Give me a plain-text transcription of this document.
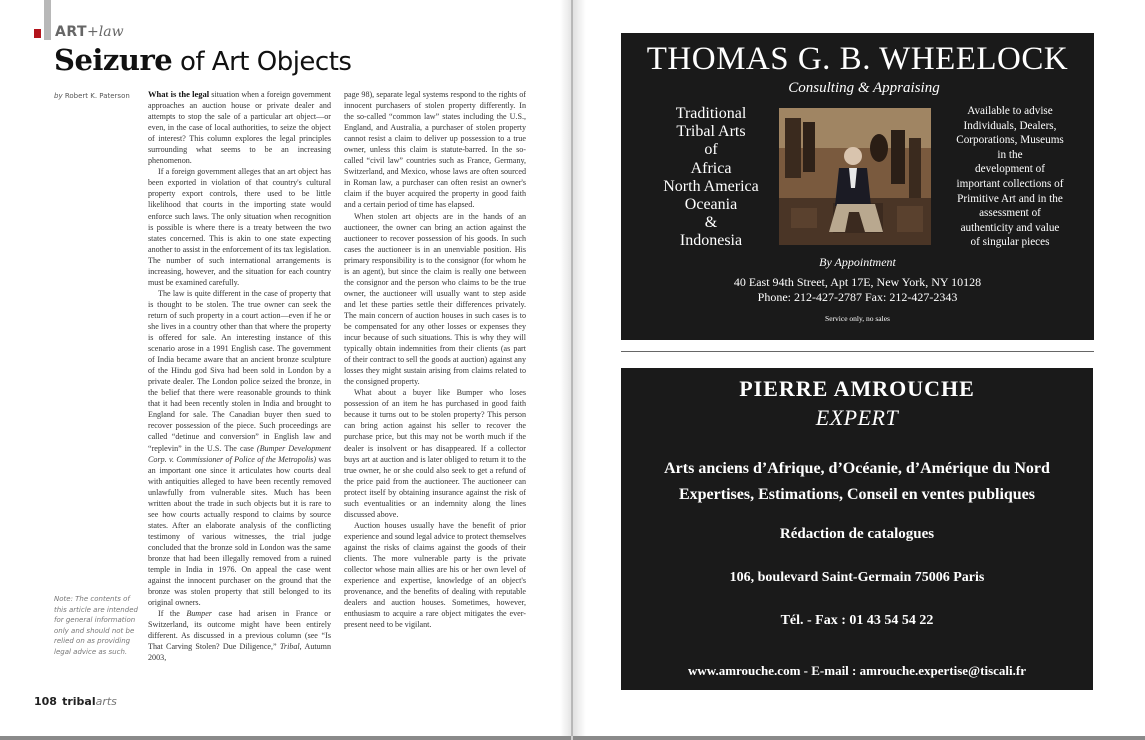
ART+law
Seizure of Art Objects
by Robert K. Paterson What is the legal situation when a foreign government approaches an auction house or private dealer and attempts to stop the sale of a particular art object—or even, in the case of local authorities, to seize the object of interest? This column explores the legal principles surrounding what seems to be an increasing phenomenon.

If a foreign government alleges that an art object has been exported in violation of that country's cultural property export controls, there used to be little likelihood that courts in the importing state would enforce such laws. The only situation when recognition is possible is where there is a treaty between the two states concerned. This is akin to one state expecting another to assist in the enforcement of its tax legislation. The number of such international arrangements is increasing, however, and the situation for each country must be examined carefully.

The law is quite different in the case of property that is thought to be stolen. The true owner can seek the return of such property in a court action—even if he or she lives in a country other than that where the property is offered for sale. An interesting instance of this scenario arose in a 1991 English case. The government of India became aware that an ancient bronze sculpture of the Hindu god Siva had been sold in London by a private dealer. The London police seized the bronze, in the belief that there were reasonable grounds to think that it had been recently stolen in India and brought to England for sale. The Canadian buyer then sued to recover possession of the piece. Such proceedings are called “detinue and conversion” in English law and “replevin” in the U.S. The case (Bumper Development Corp. v. Commissioner of Police of the Metropolis) was an important one since it articulates how courts deal with antiquities alleged to have been recently removed unlawfully from vulnerable sites. Much has been written about the trade in such objects but it is rare to see how courts actually respond to claims by source states. After an elaborate analysis of the conflicting testimony of various witnesses, the trial judge concluded that the bronze sold in London was the same bronze that had been illegally removed from a ruined temple in India in 1976. On appeal the case went against the innocent purchaser on the ground that the bronze was stolen property that still belonged to its original owners.

If the Bumper case had arisen in France or Switzerland, its outcome might have been entirely different. As discussed in a previous column (see “Is That Carving Stolen? Due Diligence,” Tribal, Autumn 2003,

page 98), separate legal systems respond to the rights of innocent purchasers of stolen property differently. In the so-called “common law” states including the U.S., England, and Australia, a purchaser of stolen property cannot resist a claim to deliver up possession to a true owner, unless this claim is statute-barred. In the so-called “civil law” countries such as France, Germany, Switzerland, and Mexico, whose laws are often sourced in Roman law, a purchaser can often resist an owner's claim if the buyer acquired the property in good faith and a certain period of time has elapsed.

When stolen art objects are in the hands of an auctioneer, the owner can bring an action against the auctioneer to recover possession of his goods. In such cases the auctioneer is in an unenviable position. His primary responsibility is to the consignor (for whom he is an agent), but since the claim is really one between the consignor and the person who claims to be the true owner, the auctioneer will usually want to step aside and let these parties settle their differences privately. The main concern of auction houses in such cases is to be compensated for any other losses or expenses they incur because of such situations. This is why they will typically obtain indemnities from their clients (as part of their contract to sell the goods at auction) against any losses they might sustain arising from claims related to the consigned property.

What about a buyer like Bumper who loses possession of an item he has purchased in good faith because it turns out to be stolen property? This person can bring action against his seller to recover the purchase price, but this may not be worth much if the dealer is insolvent or has disappeared. If a collector buys art at auction and is later obliged to return it to the true owner, he or she could also seek to get a refund of the price paid from the auctioneer. The auctioneer can protect itself by obtaining insurance against the risk of such eventualities or an indemnity along the lines discussed above.

Auction houses usually have the benefit of prior experience and sound legal advice to protect themselves against the risks of claims against the goods of their clients. The more vulnerable party is the private collector whose main allies are his or her own level of experience and expertise, knowledge of an object's provenance, and the benefits of dealing with reputable dealers and auction houses. Sometimes, however, enthusiasm to acquire a rare object mitigates the ever-present need to be vigilant.

Note: The contents of this article are intended for general information only and should not be relied on as providing legal advice as such.
108 tribalarts
THOMAS G. B. WHEELOCK
Consulting & Appraising
Traditional
Tribal Arts
of
Africa
North America
Oceania
&
Indonesia
Available to advise
Individuals, Dealers,
Corporations, Museums
in the
development of
important collections of
Primitive Art and in the
assessment of
authenticity and value
of singular pieces
By Appointment
40 East 94th Street, Apt 17E, New York, NY 10128
Phone: 212-427-2787 Fax: 212-427-2343
Service only, no sales
PIERRE AMROUCHE
EXPERT
Arts anciens d’Afrique, d’Océanie, d’Amérique du Nord
Expertises, Estimations, Conseil en ventes publiques
Rédaction de catalogues
106, boulevard Saint-Germain 75006 Paris
Tél. - Fax : 01 43 54 54 22
www.amrouche.com - E-mail : amrouche.expertise@tiscali.fr
